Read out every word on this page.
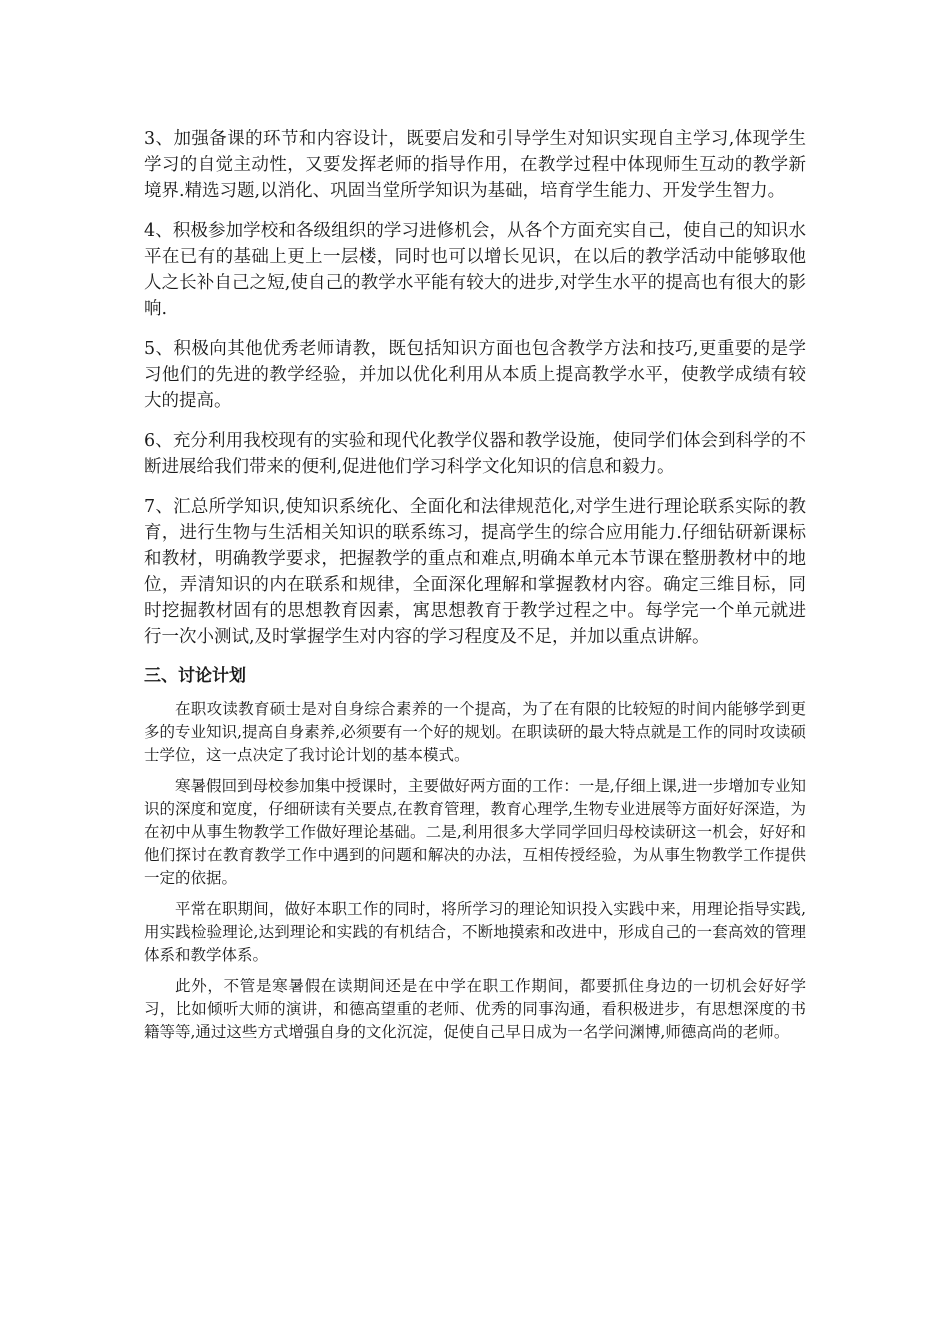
3、加强备课的环节和内容设计，既要启发和引导学生对知识实现自主学习,体现学生学习的自觉主动性，又要发挥老师的指导作用，在教学过程中体现师生互动的教学新境界.精选习题,以消化、巩固当堂所学知识为基础，培育学生能力、开发学生智力。

4、积极参加学校和各级组织的学习进修机会，从各个方面充实自己，使自己的知识水平在已有的基础上更上一层楼，同时也可以增长见识，在以后的教学活动中能够取他人之长补自己之短,使自己的教学水平能有较大的进步,对学生水平的提高也有很大的影响.

5、积极向其他优秀老师请教，既包括知识方面也包含教学方法和技巧,更重要的是学习他们的先进的教学经验，并加以优化利用从本质上提高教学水平，使教学成绩有较大的提高。

6、充分利用我校现有的实验和现代化教学仪器和教学设施，使同学们体会到科学的不断进展给我们带来的便利,促进他们学习科学文化知识的信息和毅力。

7、汇总所学知识,使知识系统化、全面化和法律规范化,对学生进行理论联系实际的教育，进行生物与生活相关知识的联系练习，提高学生的综合应用能力.仔细钻研新课标和教材，明确教学要求，把握教学的重点和难点,明确本单元本节课在整册教材中的地位，弄清知识的内在联系和规律，全面深化理解和掌握教材内容。确定三维目标，同时挖掘教材固有的思想教育因素，寓思想教育于教学过程之中。每学完一个单元就进行一次小测试,及时掌握学生对内容的学习程度及不足，并加以重点讲解。

三、讨论计划

在职攻读教育硕士是对自身综合素养的一个提高，为了在有限的比较短的时间内能够学到更多的专业知识,提高自身素养,必须要有一个好的规划。在职读研的最大特点就是工作的同时攻读硕士学位，这一点决定了我讨论计划的基本模式。

寒暑假回到母校参加集中授课时，主要做好两方面的工作：一是,仔细上课,进一步增加专业知识的深度和宽度，仔细研读有关要点,在教育管理，教育心理学,生物专业进展等方面好好深造，为在初中从事生物教学工作做好理论基础。二是,利用很多大学同学回归母校读研这一机会，好好和他们探讨在教育教学工作中遇到的问题和解决的办法，互相传授经验，为从事生物教学工作提供一定的依据。

平常在职期间，做好本职工作的同时，将所学习的理论知识投入实践中来，用理论指导实践,用实践检验理论,达到理论和实践的有机结合，不断地摸索和改进中，形成自己的一套高效的管理体系和教学体系。

此外，不管是寒暑假在读期间还是在中学在职工作期间，都要抓住身边的一切机会好好学习，比如倾听大师的演讲，和德高望重的老师、优秀的同事沟通，看积极进步，有思想深度的书籍等等,通过这些方式增强自身的文化沉淀，促使自己早日成为一名学问渊博,师德高尚的老师。
